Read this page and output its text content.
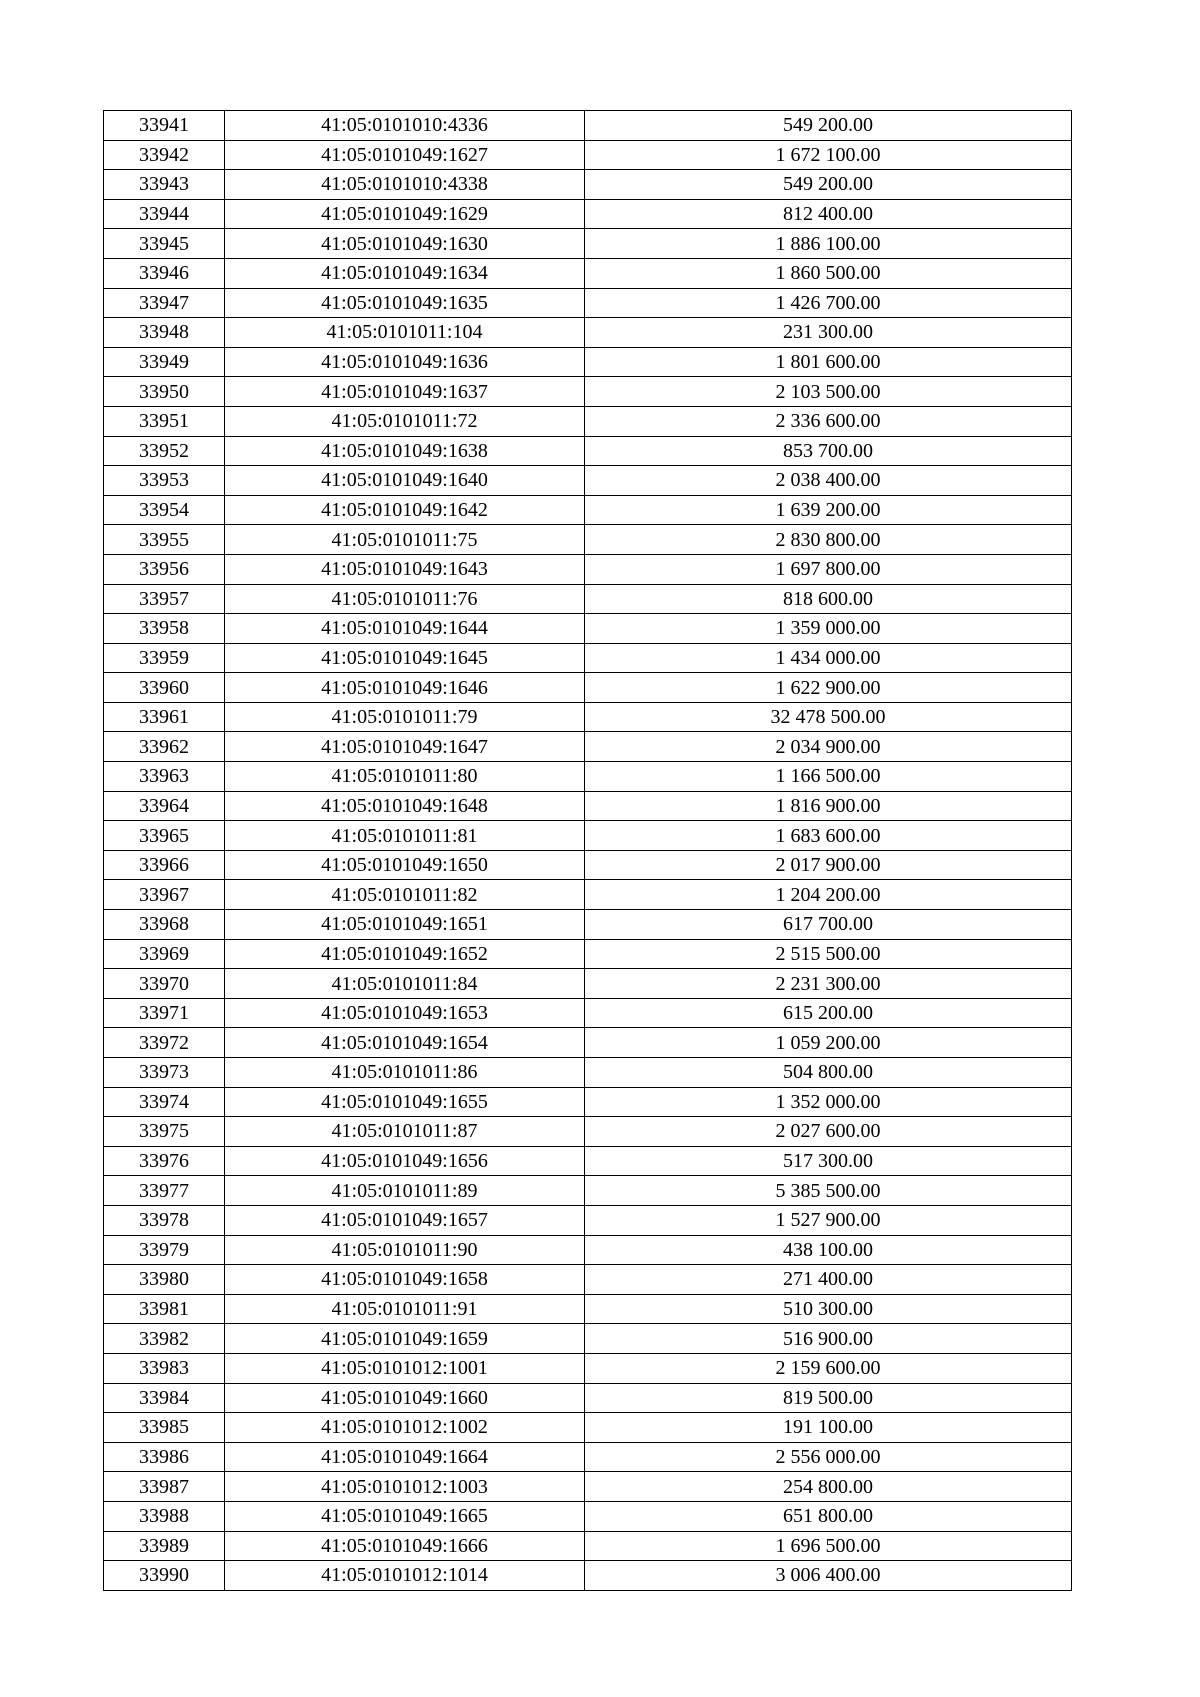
33941	41:05:0101010:4336	549 200.00
33942	41:05:0101049:1627	1 672 100.00
33943	41:05:0101010:4338	549 200.00
33944	41:05:0101049:1629	812 400.00
33945	41:05:0101049:1630	1 886 100.00
33946	41:05:0101049:1634	1 860 500.00
33947	41:05:0101049:1635	1 426 700.00
33948	41:05:0101011:104	231 300.00
33949	41:05:0101049:1636	1 801 600.00
33950	41:05:0101049:1637	2 103 500.00
33951	41:05:0101011:72	2 336 600.00
33952	41:05:0101049:1638	853 700.00
33953	41:05:0101049:1640	2 038 400.00
33954	41:05:0101049:1642	1 639 200.00
33955	41:05:0101011:75	2 830 800.00
33956	41:05:0101049:1643	1 697 800.00
33957	41:05:0101011:76	818 600.00
33958	41:05:0101049:1644	1 359 000.00
33959	41:05:0101049:1645	1 434 000.00
33960	41:05:0101049:1646	1 622 900.00
33961	41:05:0101011:79	32 478 500.00
33962	41:05:0101049:1647	2 034 900.00
33963	41:05:0101011:80	1 166 500.00
33964	41:05:0101049:1648	1 816 900.00
33965	41:05:0101011:81	1 683 600.00
33966	41:05:0101049:1650	2 017 900.00
33967	41:05:0101011:82	1 204 200.00
33968	41:05:0101049:1651	617 700.00
33969	41:05:0101049:1652	2 515 500.00
33970	41:05:0101011:84	2 231 300.00
33971	41:05:0101049:1653	615 200.00
33972	41:05:0101049:1654	1 059 200.00
33973	41:05:0101011:86	504 800.00
33974	41:05:0101049:1655	1 352 000.00
33975	41:05:0101011:87	2 027 600.00
33976	41:05:0101049:1656	517 300.00
33977	41:05:0101011:89	5 385 500.00
33978	41:05:0101049:1657	1 527 900.00
33979	41:05:0101011:90	438 100.00
33980	41:05:0101049:1658	271 400.00
33981	41:05:0101011:91	510 300.00
33982	41:05:0101049:1659	516 900.00
33983	41:05:0101012:1001	2 159 600.00
33984	41:05:0101049:1660	819 500.00
33985	41:05:0101012:1002	191 100.00
33986	41:05:0101049:1664	2 556 000.00
33987	41:05:0101012:1003	254 800.00
33988	41:05:0101049:1665	651 800.00
33989	41:05:0101049:1666	1 696 500.00
33990	41:05:0101012:1014	3 006 400.00
